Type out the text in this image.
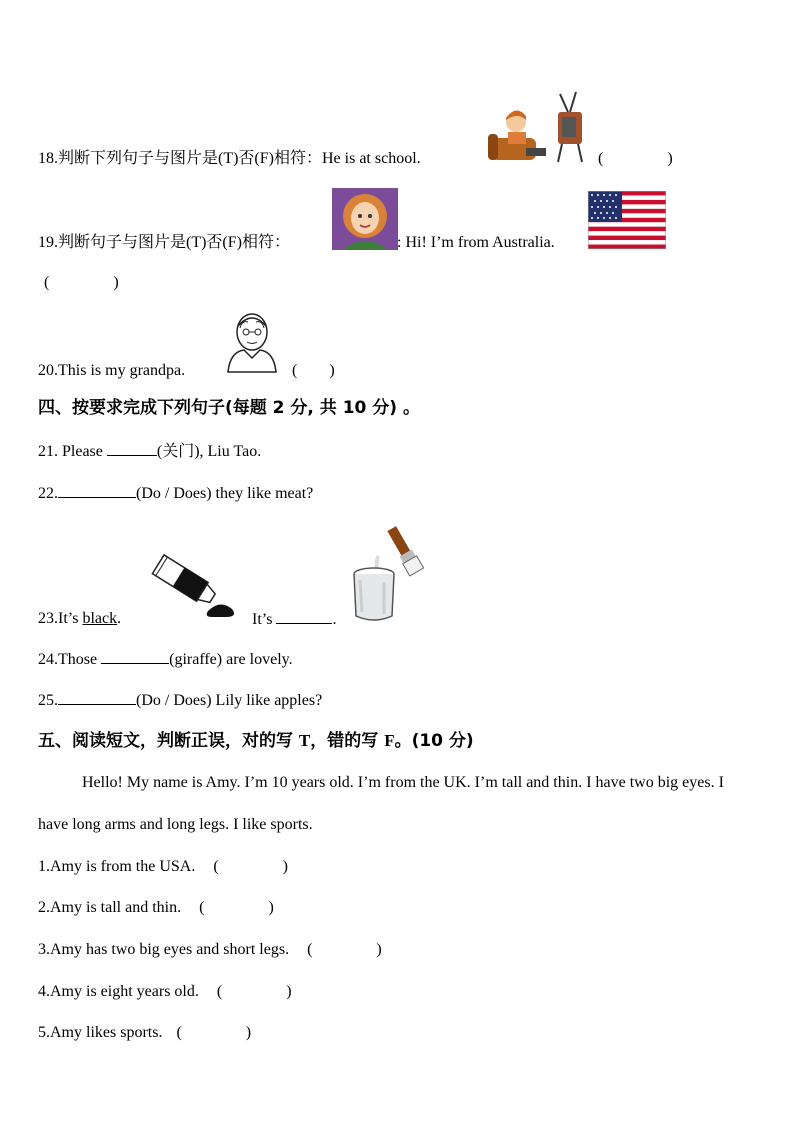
18.判断下列句子与图片是(T)否(F)相符：He is at school.	(　　　　)
19.判断句子与图片是(T)否(F)相符：	: Hi! I’m from Australia.
(　　　　)
20.This is my grandpa.	(　　)
四、按要求完成下列句子(每题 2 分, 共 10 分) 。
21. Please	(关门), Liu Tao.
22.	(Do / Does) they like meat?
23.It’s black.	It’s	.
24.Those	(giraffe) are lovely.
25.	(Do / Does) Lily like apples?
五、阅读短文，判断正误，对的写 T，错的写 F。(10 分)
Hello! My name is Amy. I’m 10 years old. I’m from the UK. I’m tall and thin. I have two big eyes. I have long arms and long legs. I like sports.
1.Amy is from the USA. (　　　　)
2.Amy is tall and thin. (　　　　)
3.Amy has two big eyes and short legs. (　　　　)
4.Amy is eight years old. (　　　　)
5.Amy likes sports. (　　　　)
